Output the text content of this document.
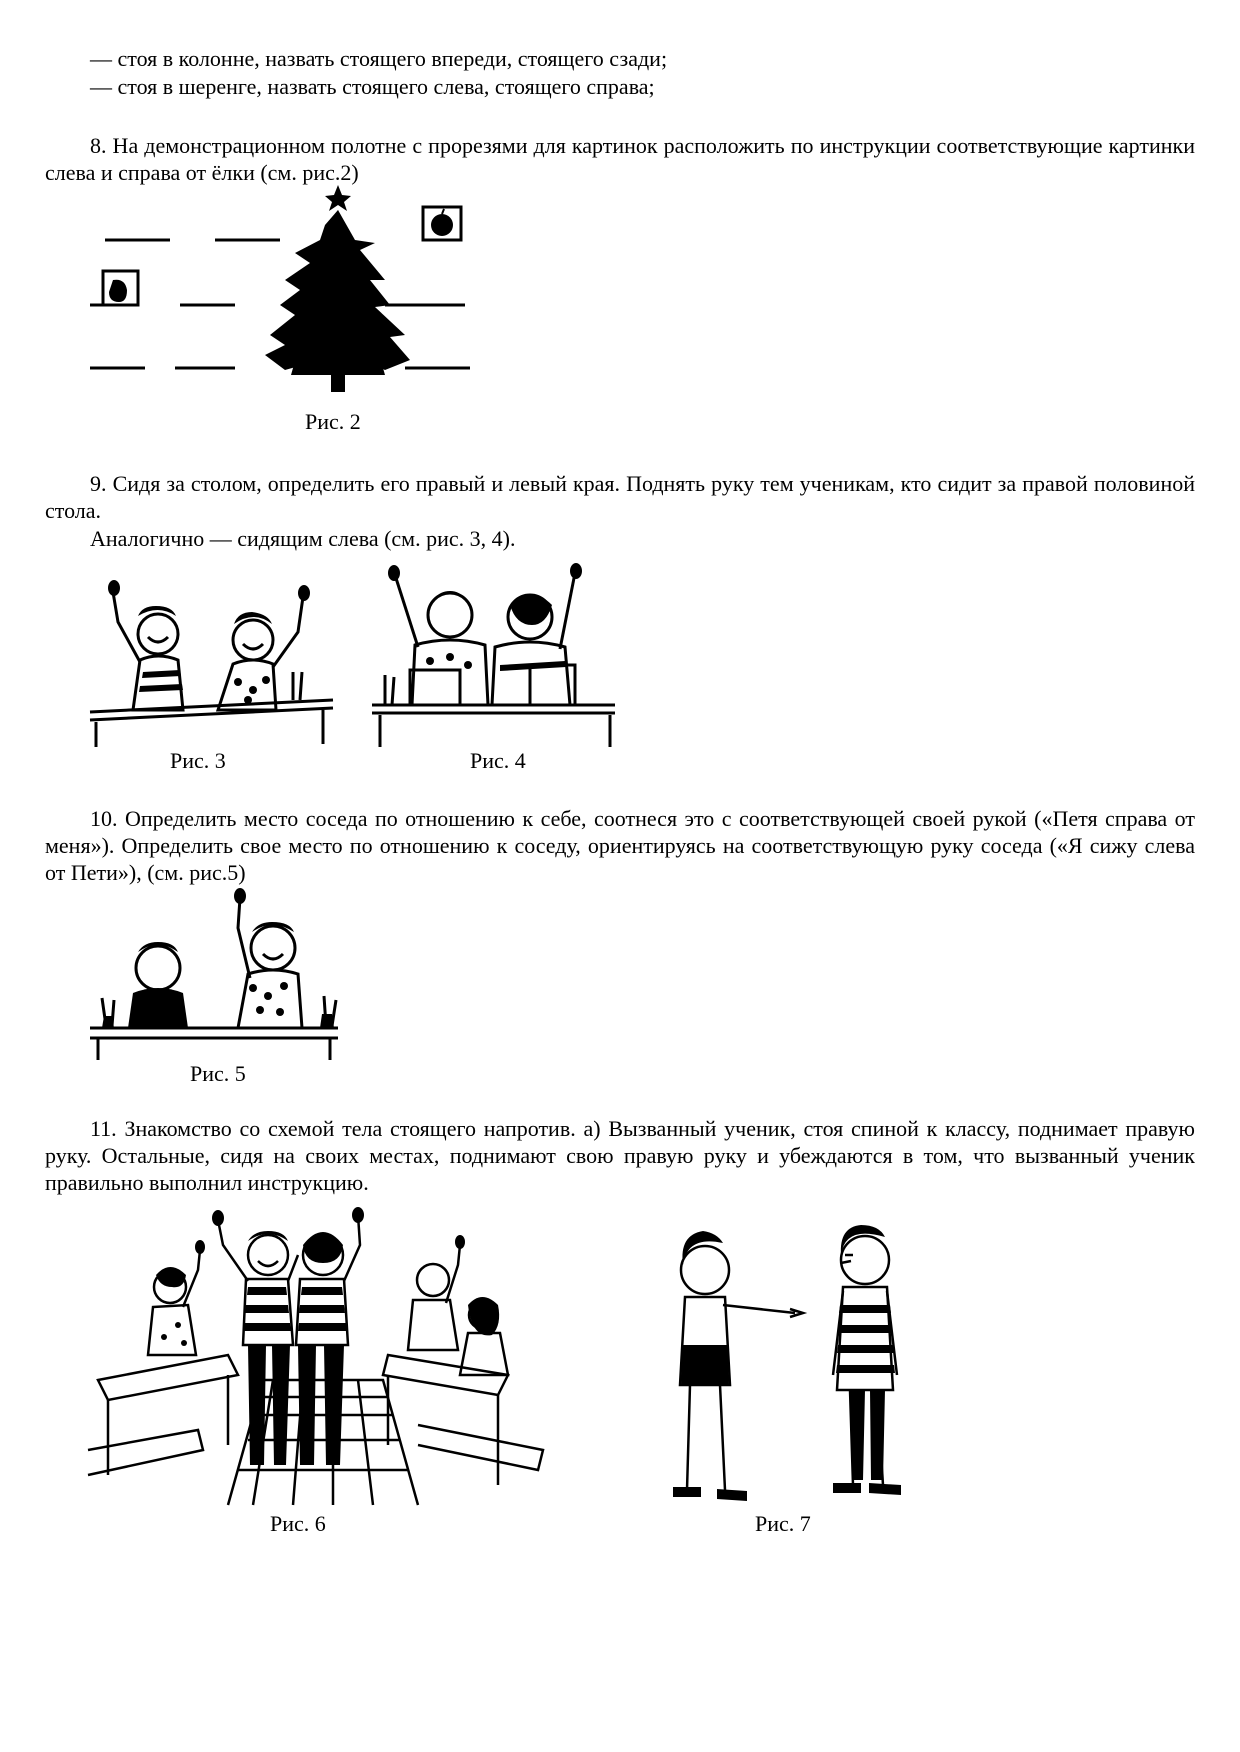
— стоя в колонне, назвать стоящего впереди, стоящего сзади;
— стоя в шеренге, назвать стоящего слева, стоящего справа;
8. На демонстрационном полотне с прорезями для картинок расположить по инструкции соответствующие картинки слева и справа от ёлки (см. рис.2)
Рис. 2
9. Сидя за столом, определить его правый и левый края. Поднять руку тем ученикам, кто сидит за правой половиной стола.
Аналогично — сидящим слева (см. рис. 3, 4).
Рис. 3	Рис. 4
10. Определить место соседа по отношению к себе, соотнеся это с соответствующей своей рукой («Петя справа от меня»). Определить свое место по отношению к соседу, ориентируясь на соответствующую руку соседа («Я сижу слева от Пети»), (см. рис.5)
Рис. 5
11. Знакомство со схемой тела стоящего напротив. а) Вызванный ученик, стоя спиной к классу, поднимает правую руку. Остальные, сидя на своих местах, поднимают свою правую руку и убеждаются в том, что вызванный ученик правильно выполнил инструкцию.
Рис. 6	Рис. 7
